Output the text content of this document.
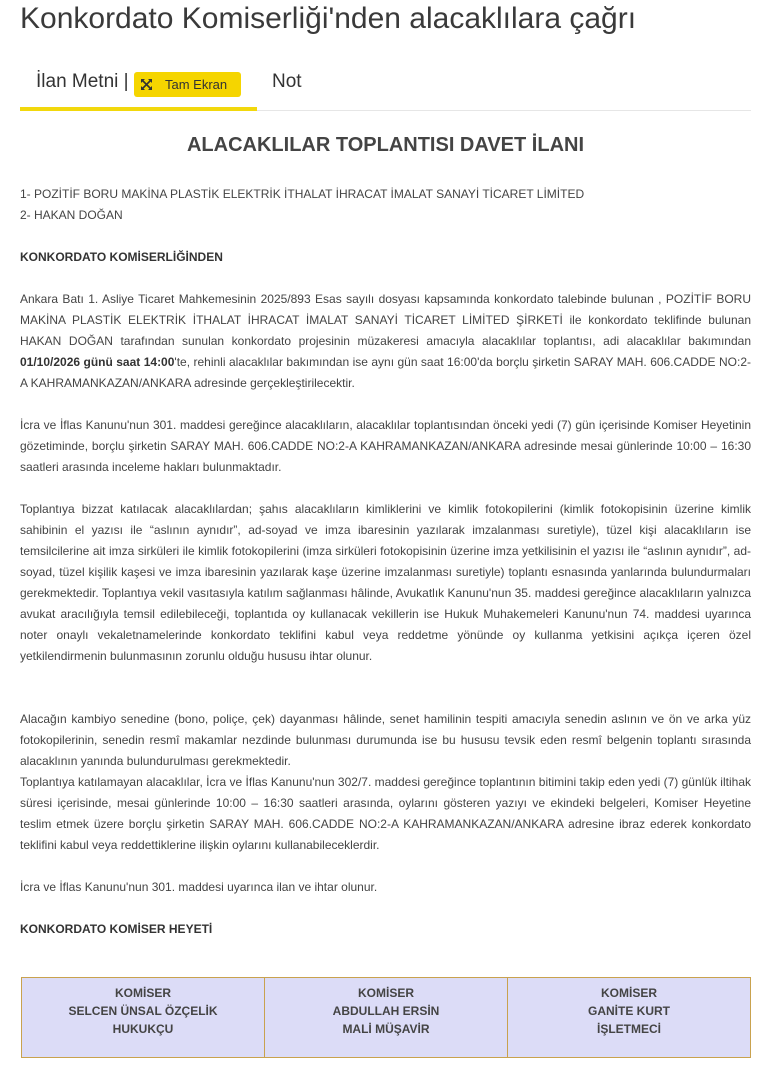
Konkordato Komiserliği'nden alacaklılara çağrı
İlan Metni |	Tam Ekran Not
ALACAKLILAR TOPLANTISI DAVET İLANI
1- POZİTİF BORU MAKİNA PLASTİK ELEKTRİK İTHALAT İHRACAT İMALAT SANAYİ TİCARET LİMİTED
2- HAKAN DOĞAN
KONKORDATO KOMİSERLİĞİNDEN

Ankara Batı 1. Asliye Ticaret Mahkemesinin 2025/893 Esas sayılı dosyası kapsamında konkordato talebinde bulunan , POZİTİF BORU MAKİNA PLASTİK ELEKTRİK İTHALAT İHRACAT İMALAT SANAYİ TİCARET LİMİTED ŞİRKETİ ile konkordato teklifinde bulunan HAKAN DOĞAN tarafından sunulan konkordato projesinin müzakeresi amacıyla alacaklılar toplantısı, adi alacaklılar bakımından 01/10/2026 günü saat 14:00'te, rehinli alacaklılar bakımından ise aynı gün saat 16:00'da borçlu şirketin SARAY MAH. 606.CADDE NO:2-A KAHRAMANKAZAN/ANKARA adresinde gerçekleştirilecektir.

İcra ve İflas Kanunu'nun 301. maddesi gereğince alacaklıların, alacaklılar toplantısından önceki yedi (7) gün içerisinde Komiser Heyetinin gözetiminde, borçlu şirketin SARAY MAH. 606.CADDE NO:2-A KAHRAMANKAZAN/ANKARA adresinde mesai günlerinde 10:00 – 16:30 saatleri arasında inceleme hakları bulunmaktadır.

Toplantıya bizzat katılacak alacaklılardan; şahıs alacaklıların kimliklerini ve kimlik fotokopilerini (kimlik fotokopisinin üzerine kimlik sahibinin el yazısı ile “aslının aynıdır”, ad-soyad ve imza ibaresinin yazılarak imzalanması suretiyle), tüzel kişi alacaklıların ise temsilcilerine ait imza sirküleri ile kimlik fotokopilerini (imza sirküleri fotokopisinin üzerine imza yetkilisinin el yazısı ile “aslının aynıdır”, ad-soyad, tüzel kişilik kaşesi ve imza ibaresinin yazılarak kaşe üzerine imzalanması suretiyle) toplantı esnasında yanlarında bulundurmaları gerekmektedir. Toplantıya vekil vasıtasıyla katılım sağlanması hâlinde, Avukatlık Kanunu'nun 35. maddesi gereğince alacaklıların yalnızca avukat aracılığıyla temsil edilebileceği, toplantıda oy kullanacak vekillerin ise Hukuk Muhakemeleri Kanunu'nun 74. maddesi uyarınca noter onaylı vekaletnamelerinde konkordato teklifini kabul veya reddetme yönünde oy kullanma yetkisini açıkça içeren özel yetkilendirmenin bulunmasının zorunlu olduğu hususu ihtar olunur.

Alacağın kambiyo senedine (bono, poliçe, çek) dayanması hâlinde, senet hamilinin tespiti amacıyla senedin aslının ve ön ve arka yüz fotokopilerinin, senedin resmî makamlar nezdinde bulunması durumunda ise bu hususu tevsik eden resmî belgenin toplantı sırasında alacaklının yanında bulundurulması gerekmektedir.

Toplantıya katılamayan alacaklılar, İcra ve İflas Kanunu'nun 302/7. maddesi gereğince toplantının bitimini takip eden yedi (7) günlük iltihak süresi içerisinde, mesai günlerinde 10:00 – 16:30 saatleri arasında, oylarını gösteren yazıyı ve ekindeki belgeleri, Komiser Heyetine teslim etmek üzere borçlu şirketin SARAY MAH. 606.CADDE NO:2-A KAHRAMANKAZAN/ANKARA adresine ibraz ederek konkordato teklifini kabul veya reddettiklerine ilişkin oylarını kullanabileceklerdir.

İcra ve İflas Kanunu'nun 301. maddesi uyarınca ilan ve ihtar olunur.

KONKORDATO KOMİSER HEYETİ
KOMİSER
SELCEN ÜNSAL ÖZÇELİK
HUKUKÇU

KOMİSER
ABDULLAH ERSİN
MALİ MÜŞAVİR

KOMİSER
GANİTE KURT
İŞLETMECİ
